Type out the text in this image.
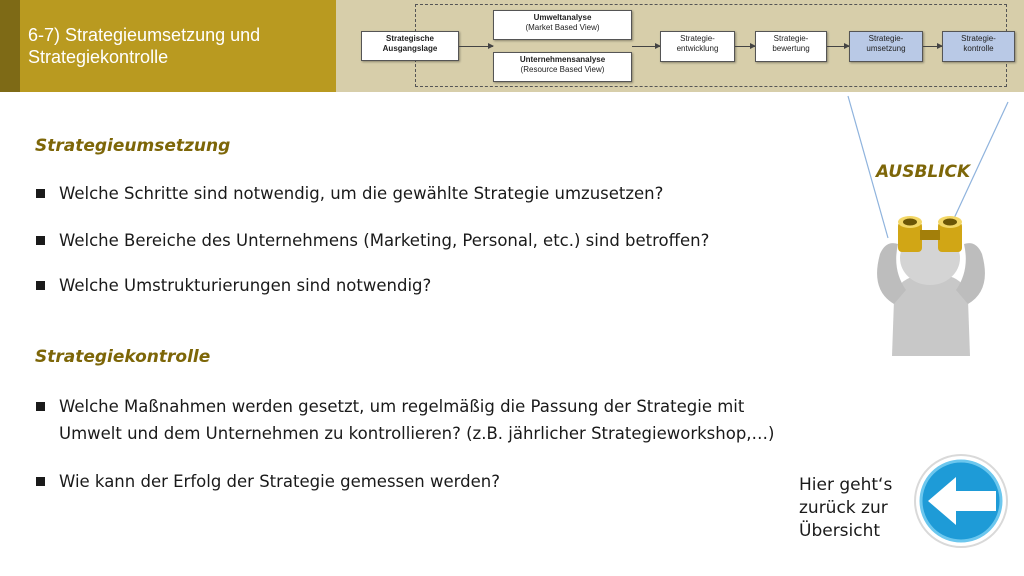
6-7) Strategieumsetzung und Strategiekontrolle
Strategische
Ausgangslage
Umweltanalyse
(Market Based View)
Unternehmensanalyse
(Resource Based View)
Strategie-
entwicklung
Strategie-
bewertung
Strategie-
umsetzung
Strategie-
kontrolle
Strategieumsetzung
Welche Schritte sind notwendig, um die gewählte Strategie umzusetzen?
Welche Bereiche des Unternehmens (Marketing, Personal, etc.) sind betroffen?
Welche Umstrukturierungen sind notwendig?
Strategiekontrolle
Welche Maßnahmen werden gesetzt, um regelmäßig die Passung der Strategie mit
Umwelt und dem Unternehmen zu kontrollieren? (z.B. jährlicher Strategieworkshop,…)
Wie kann der Erfolg der Strategie gemessen werden?
AUSBLICK
Hier geht‘s
zurück zur
Übersicht
